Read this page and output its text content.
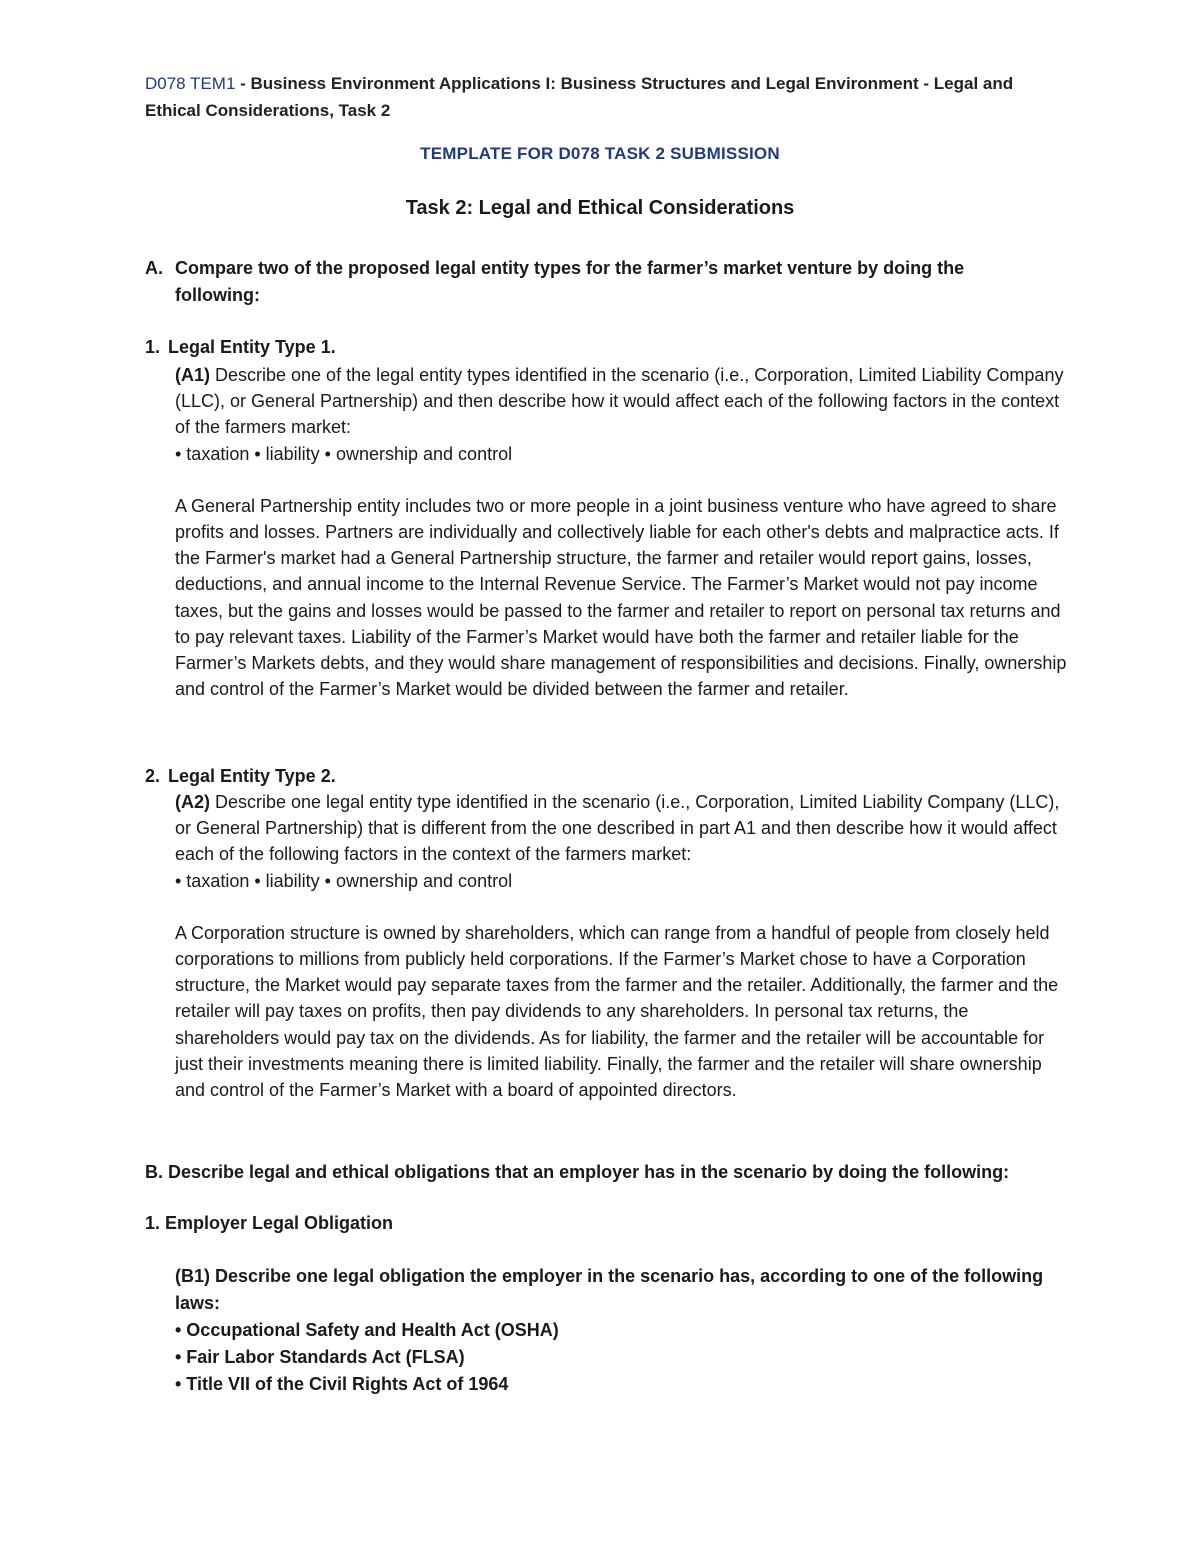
D078 TEM1 - Business Environment Applications I: Business Structures and Legal Environment - Legal and Ethical Considerations, Task 2
TEMPLATE FOR D078 TASK 2 SUBMISSION
Task 2: Legal and Ethical Considerations
A. Compare two of the proposed legal entity types for the farmer’s market venture by doing the following:
1. Legal Entity Type 1.

(A1) Describe one of the legal entity types identified in the scenario (i.e., Corporation, Limited Liability Company (LLC), or General Partnership) and then describe how it would affect each of the following factors in the context of the farmers market:

• taxation • liability • ownership and control

A General Partnership entity includes two or more people in a joint business venture who have agreed to share profits and losses. Partners are individually and collectively liable for each other's debts and malpractice acts. If the Farmer's market had a General Partnership structure, the farmer and retailer would report gains, losses, deductions, and annual income to the Internal Revenue Service. The Farmer’s Market would not pay income taxes, but the gains and losses would be passed to the farmer and retailer to report on personal tax returns and to pay relevant taxes. Liability of the Farmer’s Market would have both the farmer and retailer liable for the Farmer’s Markets debts, and they would share management of responsibilities and decisions. Finally, ownership and control of the Farmer’s Market would be divided between the farmer and retailer.

2. Legal Entity Type 2.

(A2) Describe one legal entity type identified in the scenario (i.e., Corporation, Limited Liability Company (LLC), or General Partnership) that is different from the one described in part A1 and then describe how it would affect each of the following factors in the context of the farmers market:

• taxation • liability • ownership and control

A Corporation structure is owned by shareholders, which can range from a handful of people from closely held corporations to millions from publicly held corporations. If the Farmer’s Market chose to have a Corporation structure, the Market would pay separate taxes from the farmer and the retailer. Additionally, the farmer and the retailer will pay taxes on profits, then pay dividends to any shareholders. In personal tax returns, the shareholders would pay tax on the dividends. As for liability, the farmer and the retailer will be accountable for just their investments meaning there is limited liability. Finally, the farmer and the retailer will share ownership and control of the Farmer’s Market with a board of appointed directors.

B. Describe legal and ethical obligations that an employer has in the scenario by doing the following:
1. Employer Legal Obligation

(B1) Describe one legal obligation the employer in the scenario has, according to one of the following laws:

• Occupational Safety and Health Act (OSHA)

• Fair Labor Standards Act (FLSA)

• Title VII of the Civil Rights Act of 1964
